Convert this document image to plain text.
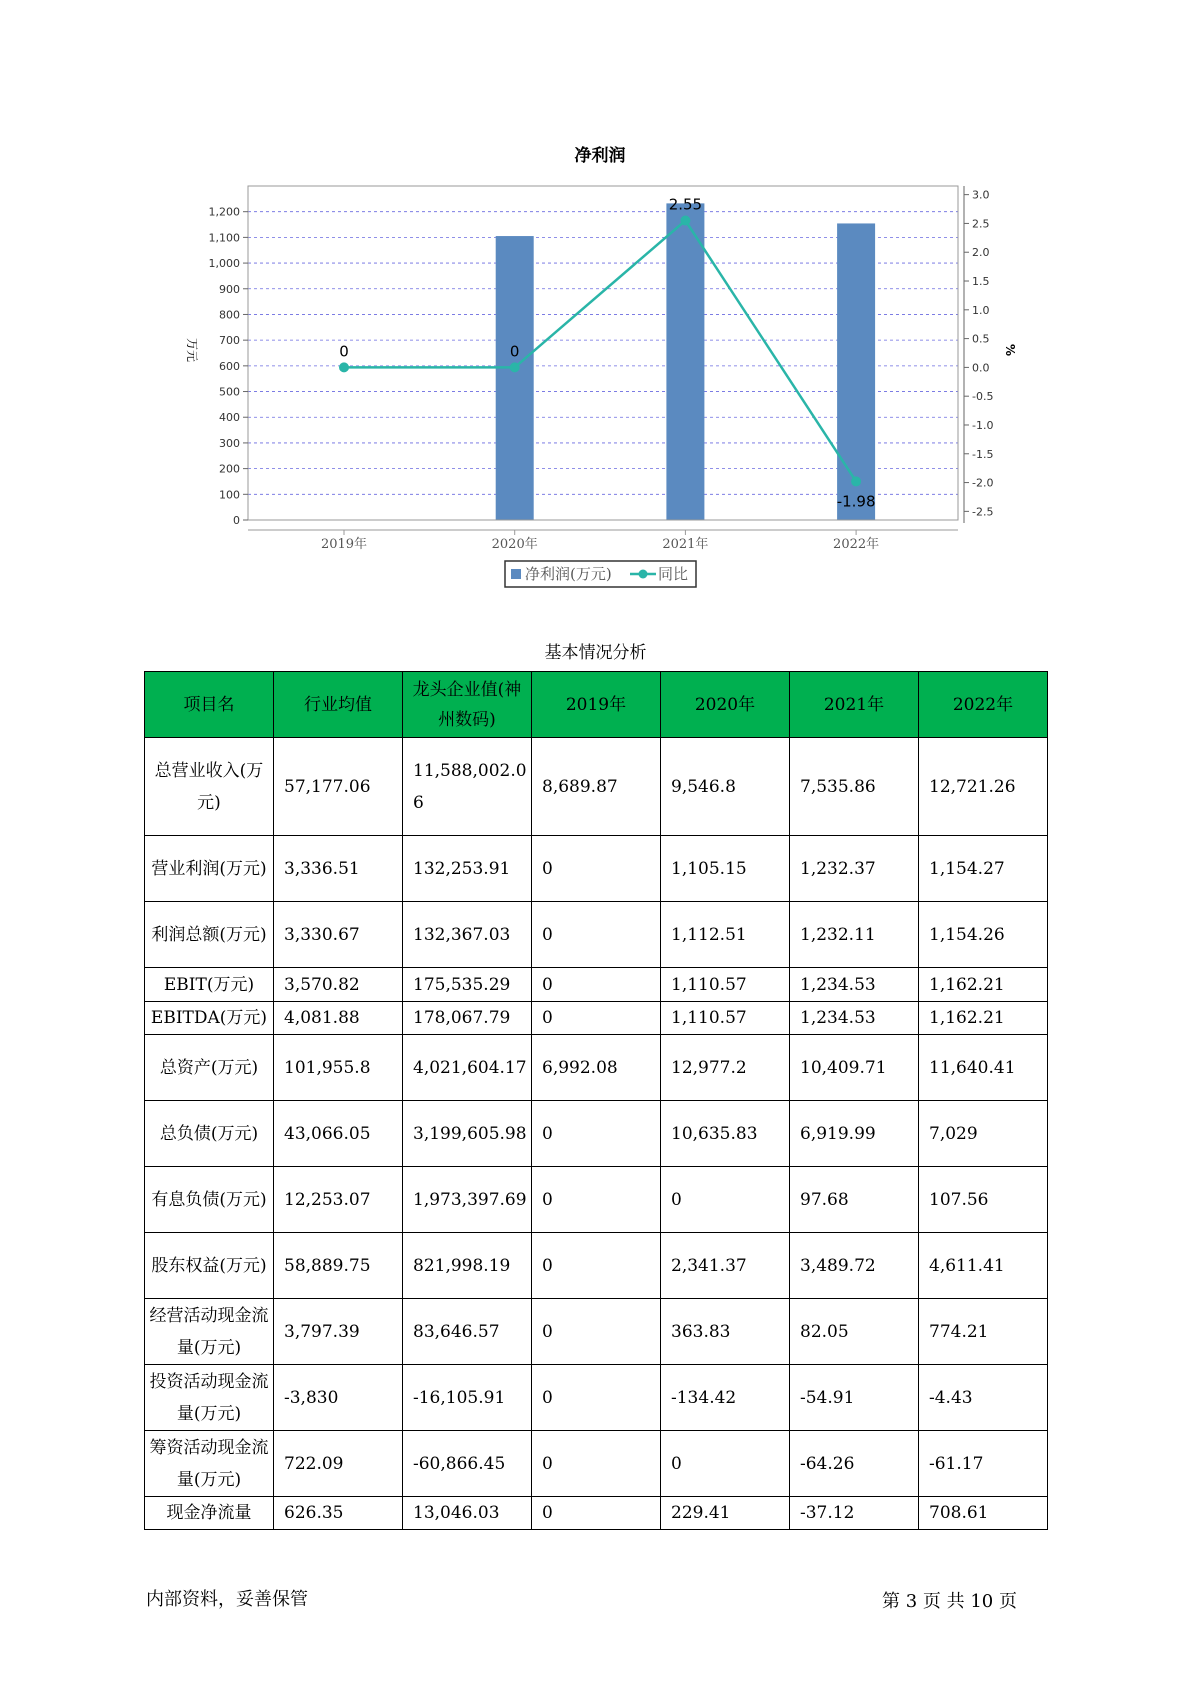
净利润
0	0
2.55
-1.98
0
100
200
300
400
500
600
700
800
900
1,000
1,100
1,200
3.0
2.5
2.0
1.5
1.0
0.5
0.0
-0.5
-1.0
-1.5
-2.0
-2.5
2019年	2020年	2021年	2022年
万元	%
净利润(万元)	同比
基本情况分析
项目名	行业均值	龙头企业值(神州数码)	2019年	2020年	2021年	2022年
总营业收入(万元)	57,177.06	11,588,002.06	8,689.87	9,546.8	7,535.86	12,721.26
营业利润(万元)	3,336.51	132,253.91	0	1,105.15	1,232.37	1,154.27
利润总额(万元)	3,330.67	132,367.03	0	1,112.51	1,232.11	1,154.26
EBIT(万元)	3,570.82	175,535.29	0	1,110.57	1,234.53	1,162.21
EBITDA(万元)	4,081.88	178,067.79	0	1,110.57	1,234.53	1,162.21
总资产(万元)	101,955.8	4,021,604.17	6,992.08	12,977.2	10,409.71	11,640.41
总负债(万元)	43,066.05	3,199,605.98	0	10,635.83	6,919.99	7,029
有息负债(万元)	12,253.07	1,973,397.69	0	0	97.68	107.56
股东权益(万元)	58,889.75	821,998.19	0	2,341.37	3,489.72	4,611.41
经营活动现金流量(万元)	3,797.39	83,646.57	0	363.83	82.05	774.21
投资活动现金流量(万元)	-3,830	-16,105.91	0	-134.42	-54.91	-4.43
筹资活动现金流量(万元)	722.09	-60,866.45	0	0	-64.26	-61.17
现金净流量	626.35	13,046.03	0	229.41	-37.12	708.61
内部资料，妥善保管	第 3 页 共 10 页
